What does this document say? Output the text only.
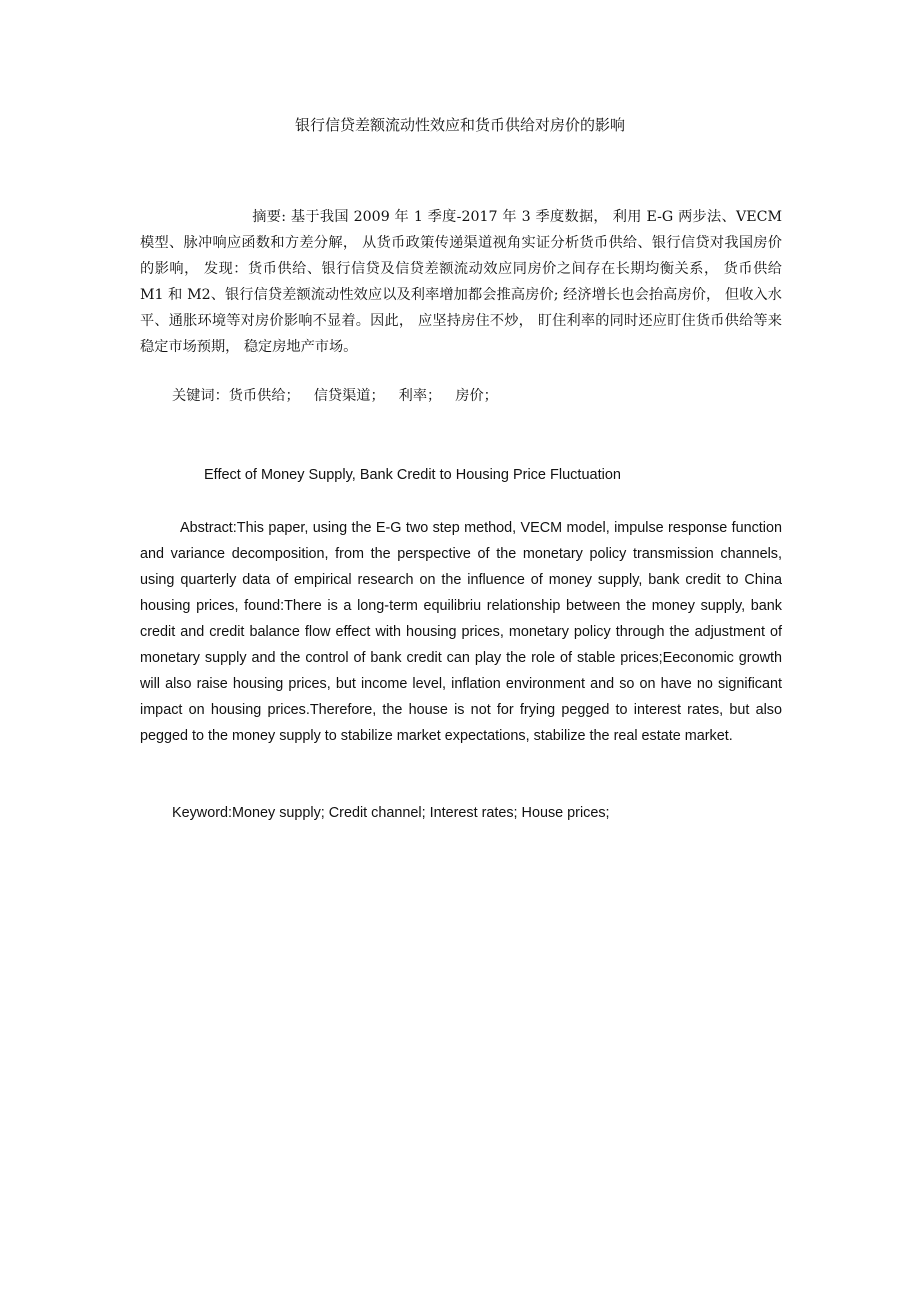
银行信贷差额流动性效应和货币供给对房价的影响

摘要: 基于我国 2009 年 1 季度-2017 年 3 季度数据， 利用 E-G 两步法、VECM 模型、脉冲响应函数和方差分解， 从货币政策传递渠道视角实证分析货币供给、银行信贷对我国房价的影响， 发现：货币供给、银行信贷及信贷差额流动效应同房价之间存在长期均衡关系， 货币供给 M1 和 M2、银行信贷差额流动性效应以及利率增加都会推高房价; 经济增长也会抬高房价， 但收入水平、通胀环境等对房价影响不显着。因此， 应坚持房住不炒， 盯住利率的同时还应盯住货币供给等来稳定市场预期， 稳定房地产市场。

关键词：货币供给； 信贷渠道； 利率； 房价；

Effect of Money Supply, Bank Credit to Housing Price Fluctuation

Abstract:This paper, using the E-G two step method, VECM model, impulse response function and variance decomposition, from the perspective of the monetary policy transmission channels, using quarterly data of empirical research on the influence of money supply, bank credit to China housing prices, found:There is a long-term equilibriu relationship between the money supply, bank credit and credit balance flow effect with housing prices, monetary policy through the adjustment of monetary supply and the control of bank credit can play the role of stable prices;Eeconomic growth will also raise housing prices, but income level, inflation environment and so on have no significant impact on housing prices.Therefore, the house is not for frying pegged to interest rates, but also pegged to the money supply to stabilize market expectations, stabilize the real estate market.

Keyword:Money supply; Credit channel; Interest rates; House prices;
